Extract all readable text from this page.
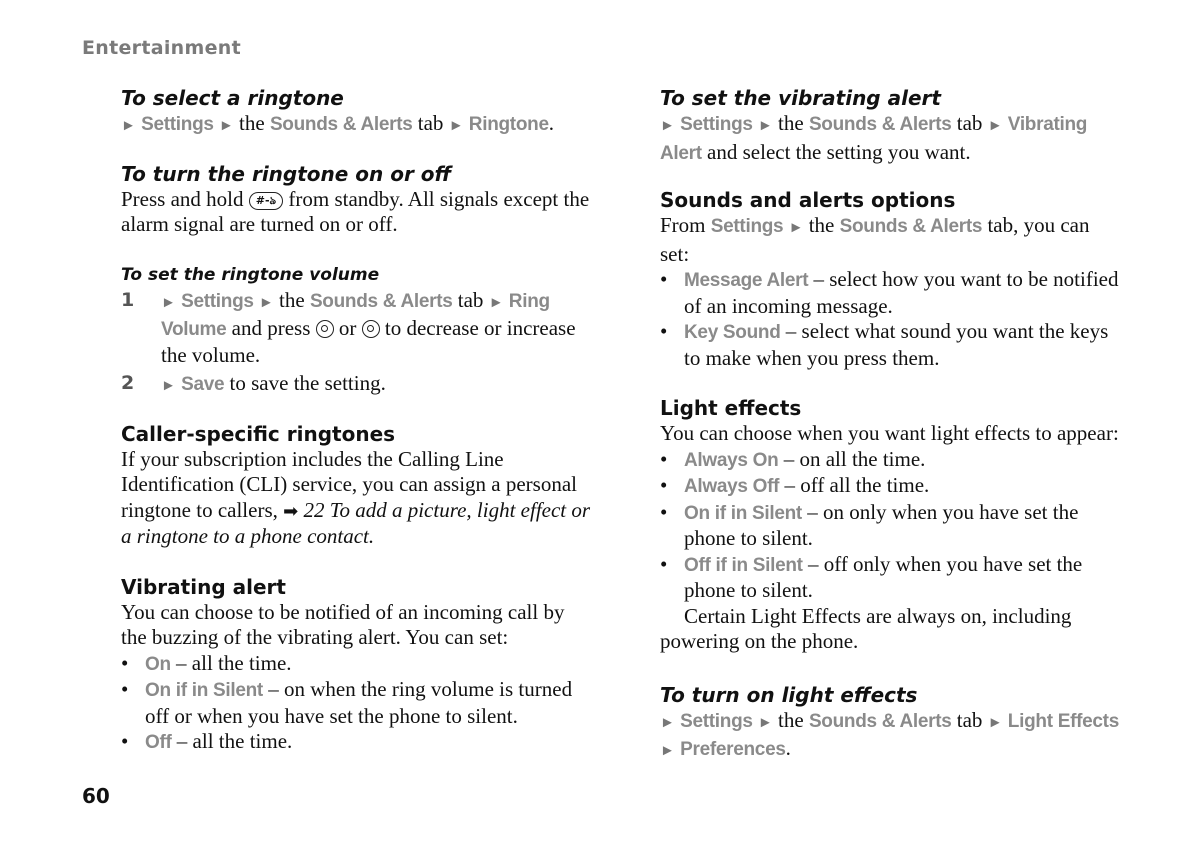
Entertainment
To select a ringtone

► Settings ► the Sounds & Alerts tab ► Ringtone.

To turn the ringtone on or off

Press and hold #-ঌ from standby. All signals except the alarm signal are turned on or off.

To set the ringtone volume
1 ► Settings ► the Sounds & Alerts tab ► Ring Volume and press or to decrease or increase the volume.
2 ► Save to save the setting.
Caller-specific ringtones

If your subscription includes the Calling Line Identification (CLI) service, you can assign a personal ringtone to callers, ➡ 22 To add a picture, light effect or a ringtone to a phone contact.

Vibrating alert

You can choose to be notified of an incoming call by the buzzing of the vibrating alert. You can set:

• On – all the time.
• On if in Silent – on when the ring volume is turned off or when you have set the phone to silent.
• Off – all the time.
To set the vibrating alert

► Settings ► the Sounds & Alerts tab ► Vibrating Alert and select the setting you want.

Sounds and alerts options

From Settings ► the Sounds & Alerts tab, you can set:

• Message Alert – select how you want to be notified of an incoming message.
• Key Sound – select what sound you want the keys to make when you press them.
Light effects

You can choose when you want light effects to appear:

• Always On – on all the time.
• Always Off – off all the time.
• On if in Silent – on only when you have set the phone to silent.
• Off if in Silent – off only when you have set the phone to silent.

Certain Light Effects are always on, including powering on the phone.

To turn on light effects

► Settings ► the Sounds & Alerts tab ► Light Effects
► Preferences.

60
